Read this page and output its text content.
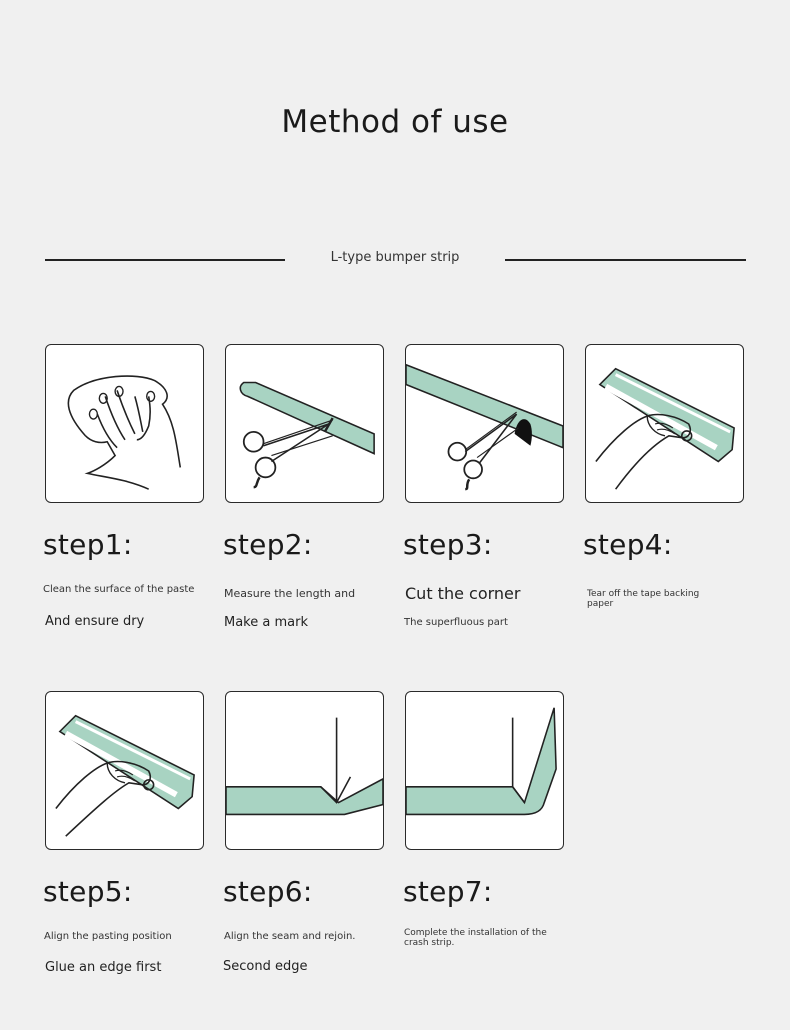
Method of use
L-type bumper strip
step1:
Clean the surface of the paste
And ensure dry
step2:
Measure the length and
Make a mark
step3:
Cut the corner
The superfluous part
step4:
Tear off the tape backing paper
step5:
Align the pasting position
Glue an edge first
step6:
Align the seam and rejoin.
Second edge
step7:
Complete the installation of the crash strip.
